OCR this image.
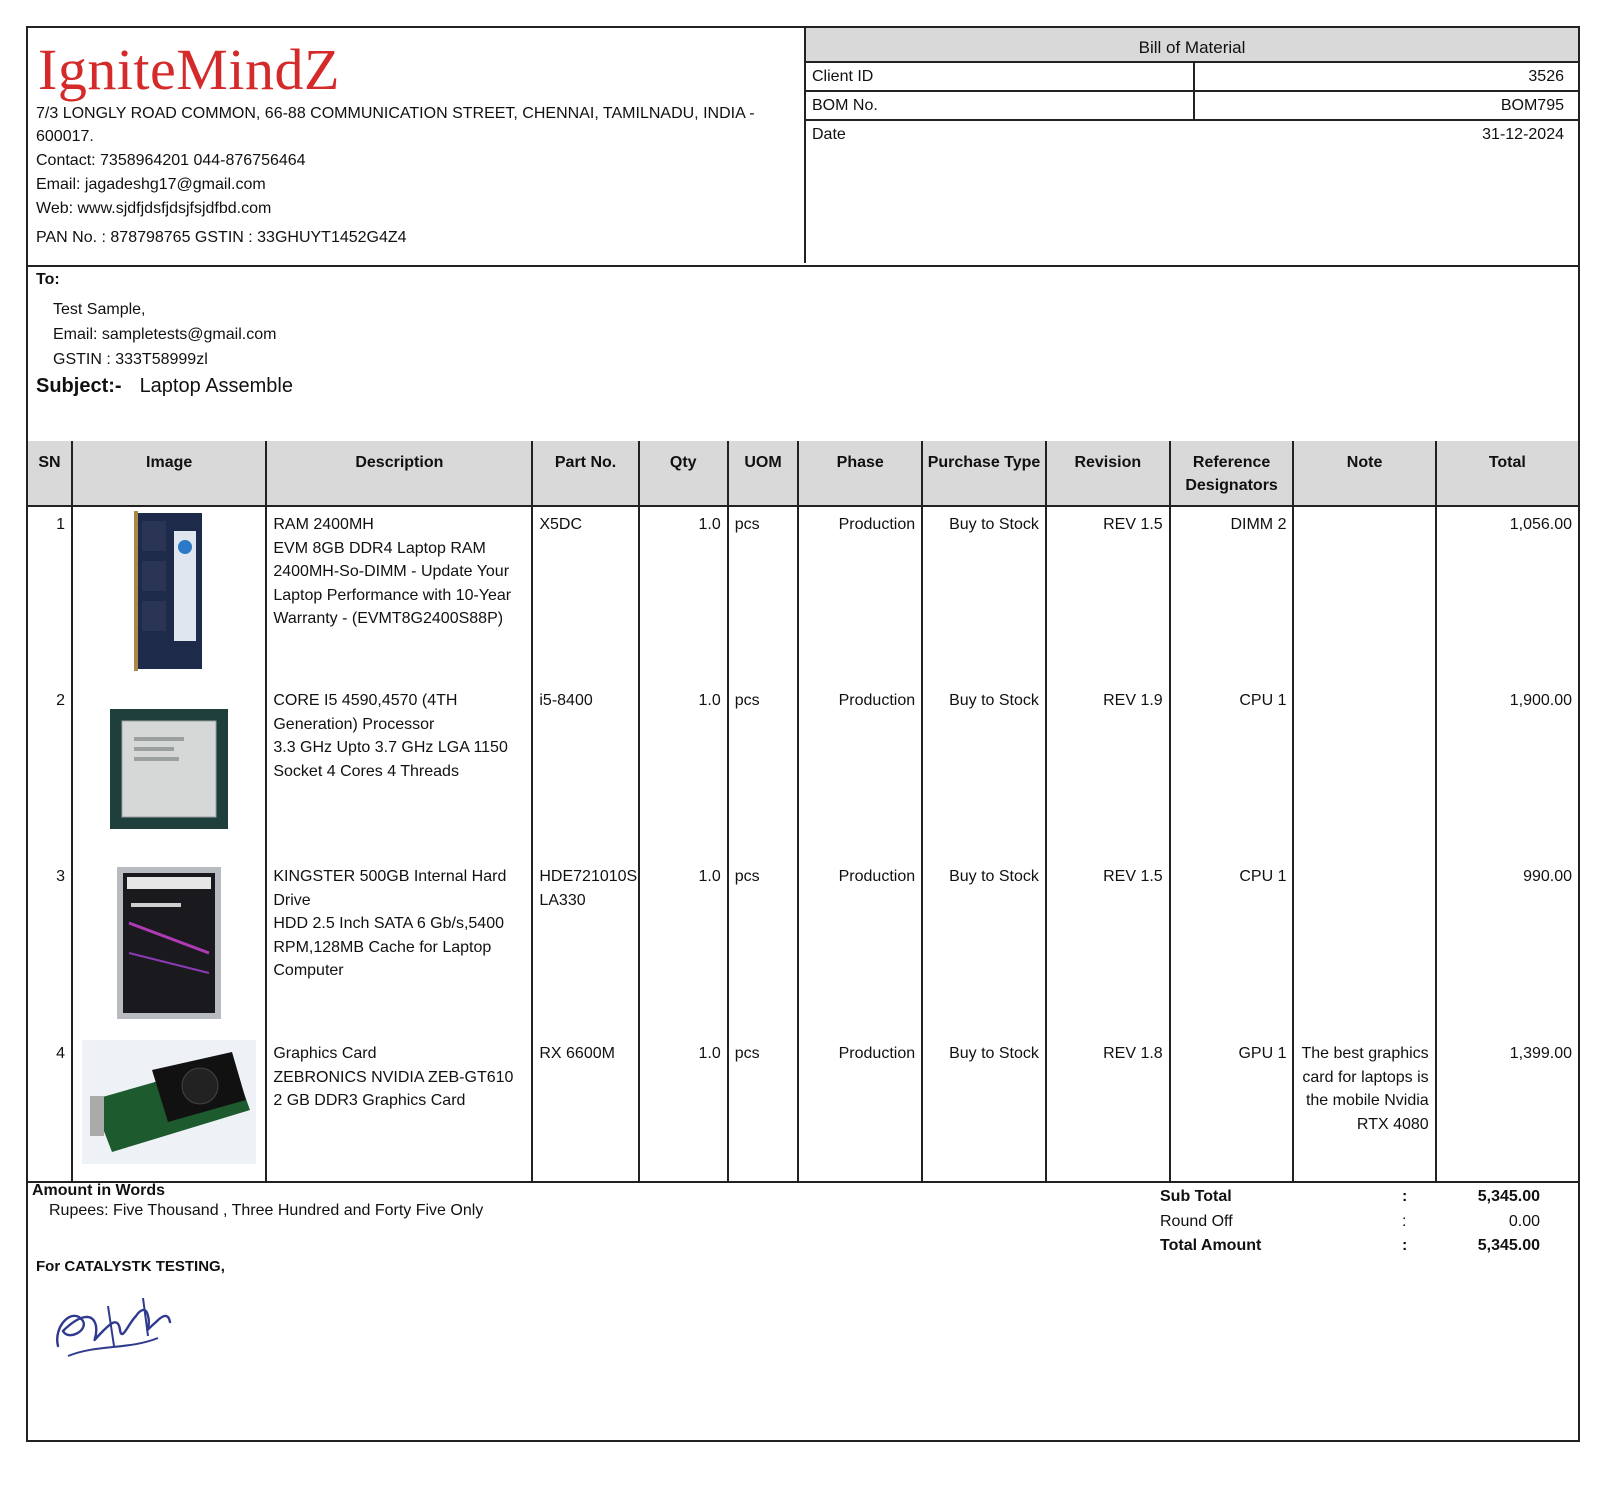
IgniteMindZ
7/3 LONGLY ROAD COMMON, 66-88 COMMUNICATION STREET, CHENNAI, TAMILNADU, INDIA -
600017.
Contact: 7358964201 044-876756464
Email: jagadeshg17@gmail.com
Web: www.sjdfjdsfjdsjfsjdfbd.com
PAN No. : 878798765 GSTIN : 33GHUYT1452G4Z4
Bill of Material
Client ID	3526
BOM No.	BOM795
Date	31-12-2024
To:
Test Sample,
Email: sampletests@gmail.com
GSTIN : 333T58999zl
Subject:- Laptop Assemble
SN	Image	Description	Part No.	Qty	UOM	Phase	Purchase Type	Revision	Reference Designators	Note	Total
1		RAM 2400MH
EVM 8GB DDR4 Laptop RAM 2400MH-So-DIMM - Update Your Laptop Performance with 10-Year Warranty - (EVMT8G2400S88P)	X5DC	1.0	pcs	Production	Buy to Stock	REV 1.5	DIMM 2		1,056.00
2		CORE I5 4590,4570 (4TH Generation) Processor
3.3 GHz Upto 3.7 GHz LGA 1150 Socket 4 Cores 4 Threads	i5-8400	1.0	pcs	Production	Buy to Stock	REV 1.9	CPU 1		1,900.00
3		KINGSTER 500GB Internal Hard Drive
HDD 2.5 Inch SATA 6 Gb/s,5400 RPM,128MB Cache for Laptop Computer	HDE721010S LA330	1.0	pcs	Production	Buy to Stock	REV 1.5	CPU 1		990.00
4		Graphics Card
ZEBRONICS NVIDIA ZEB-GT610 2 GB DDR3 Graphics Card	RX 6600M	1.0	pcs	Production	Buy to Stock	REV 1.8	GPU 1	The best graphics card for laptops is the mobile Nvidia RTX 4080	1,399.00
Amount in Words
Rupees: Five Thousand , Three Hundred and Forty Five Only
For CATALYSTK TESTING,
Sub Total	:	5,345.00
Round Off	:	0.00
Total Amount	:	5,345.00
